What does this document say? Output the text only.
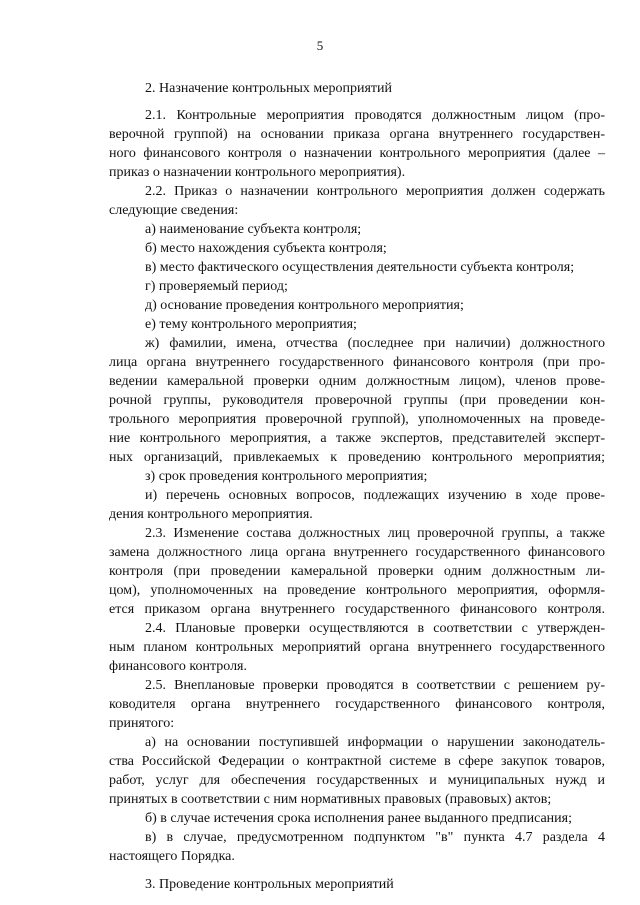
5
2. Назначение контрольных мероприятий
2.1. Контрольные мероприятия проводятся должностным лицом (про-
верочной группой) на основании приказа органа внутреннего государствен-
ного финансового контроля о назначении контрольного мероприятия (далее –
приказ о назначении контрольного мероприятия).
2.2. Приказ о назначении контрольного мероприятия должен содержать
следующие сведения:
а) наименование субъекта контроля;
б) место нахождения субъекта контроля;
в) место фактического осуществления деятельности субъекта контроля;
г) проверяемый период;
д) основание проведения контрольного мероприятия;
е) тему контрольного мероприятия;
ж) фамилии, имена, отчества (последнее при наличии) должностного
лица органа внутреннего государственного финансового контроля (при про-
ведении камеральной проверки одним должностным лицом), членов прове-
рочной группы, руководителя проверочной группы (при проведении кон-
трольного мероприятия проверочной группой), уполномоченных на проведе-
ние контрольного мероприятия, а также экспертов, представителей эксперт-
ных организаций, привлекаемых к проведению контрольного мероприятия;
з) срок проведения контрольного мероприятия;
и) перечень основных вопросов, подлежащих изучению в ходе прове-
дения контрольного мероприятия.
2.3. Изменение состава должностных лиц проверочной группы, а также
замена должностного лица органа внутреннего государственного финансового
контроля (при проведении камеральной проверки одним должностным ли-
цом), уполномоченных на проведение контрольного мероприятия, оформля-
ется приказом органа внутреннего государственного финансового контроля.
2.4. Плановые проверки осуществляются в соответствии с утвержден-
ным планом контрольных мероприятий органа внутреннего государственного
финансового контроля.
2.5. Внеплановые проверки проводятся в соответствии с решением ру-
ководителя органа внутреннего государственного финансового контроля,
принятого:
а) на основании поступившей информации о нарушении законодатель-
ства Российской Федерации о контрактной системе в сфере закупок товаров,
работ, услуг для обеспечения государственных и муниципальных нужд и
принятых в соответствии с ним нормативных правовых (правовых) актов;
б) в случае истечения срока исполнения ранее выданного предписания;
в) в случае, предусмотренном подпунктом "в" пункта 4.7 раздела 4
настоящего Порядка.
3. Проведение контрольных мероприятий
